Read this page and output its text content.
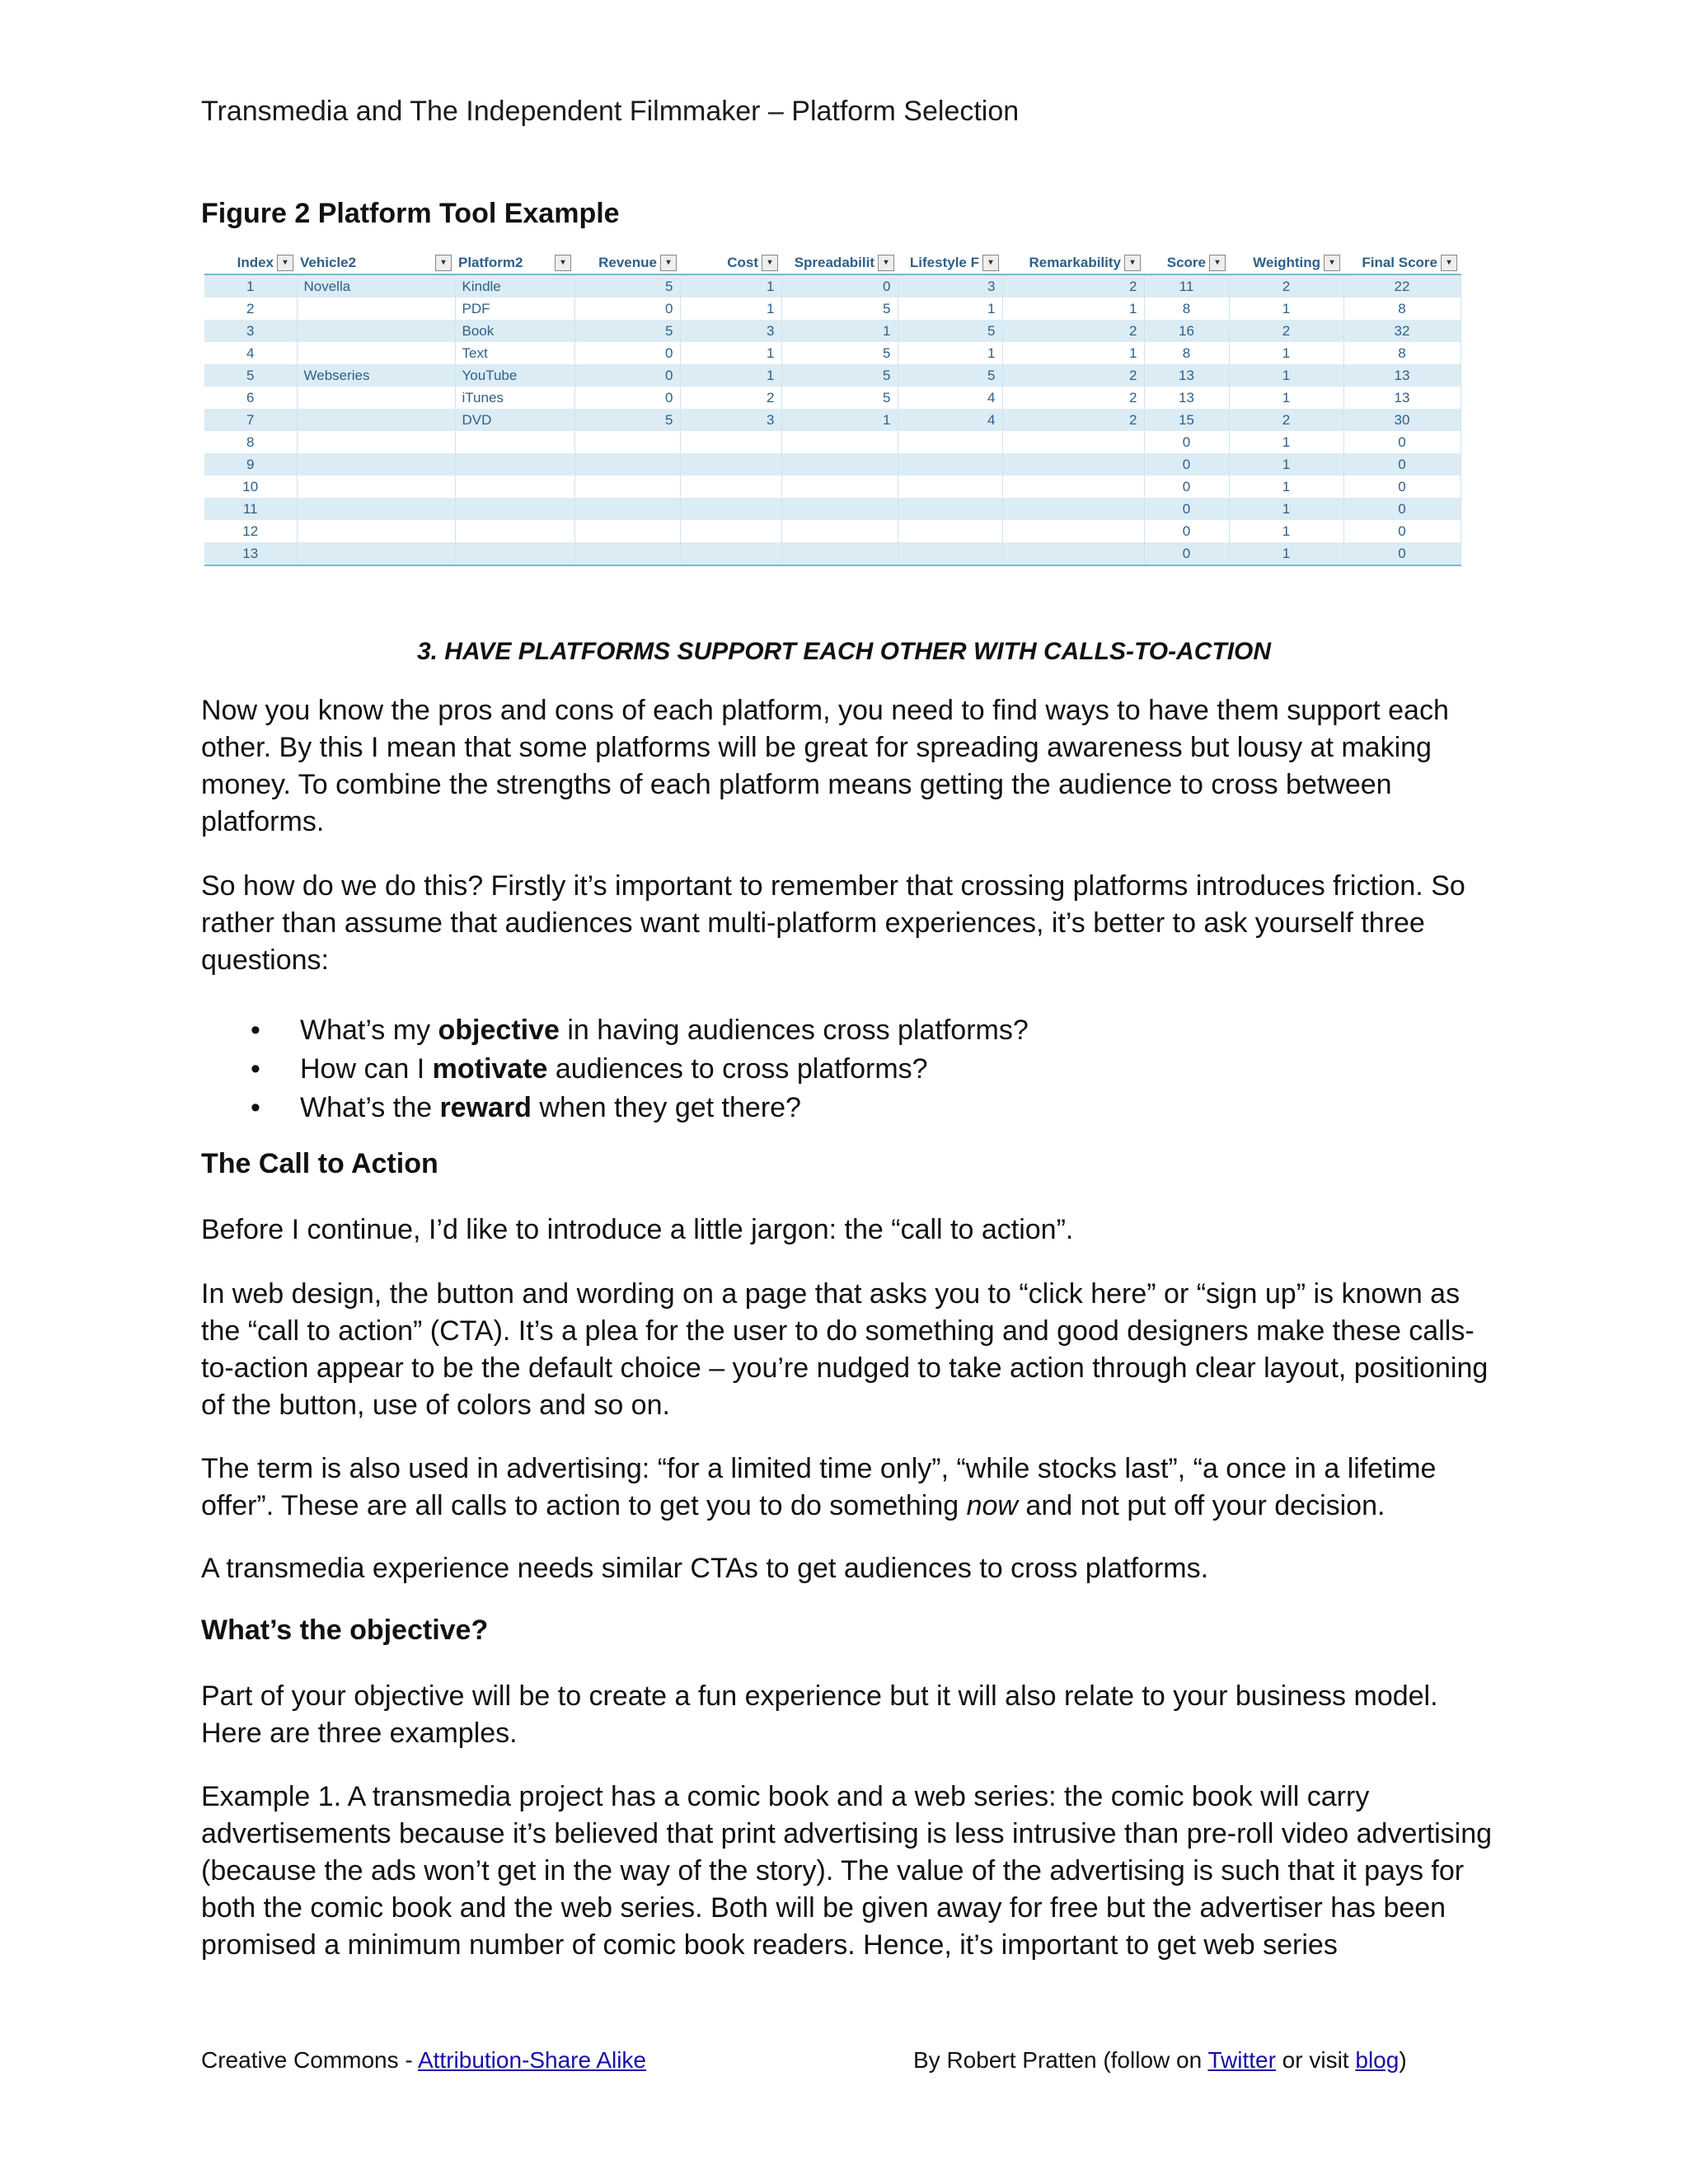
Transmedia and The Independent Filmmaker – Platform Selection
Figure 2 Platform Tool Example
Index ▾	Vehicle2 ▾	Platform2 ▾	Revenue ▾	Cost ▾	Spreadabilit ▾	Lifestyle F ▾	Remarkability ▾	Score ▾	Weighting ▾	Final Score ▾

1	Novella	Kindle	5	1	0	3	2	11	2	22
2		PDF	0	1	5	1	1	8	1	8
3		Book	5	3	1	5	2	16	2	32
4		Text	0	1	5	1	1	8	1	8
5	Webseries	YouTube	0	1	5	5	2	13	1	13
6		iTunes	0	2	5	4	2	13	1	13
7		DVD	5	3	1	4	2	15	2	30
8								0	1	0
9								0	1	0
10								0	1	0
11								0	1	0
12								0	1	0
13								0	1	0
3. HAVE PLATFORMS SUPPORT EACH OTHER WITH CALLS-TO-ACTION

Now you know the pros and cons of each platform, you need to find ways to have them support each other. By this I mean that some platforms will be great for spreading awareness but lousy at making money. To combine the strengths of each platform means getting the audience to cross between platforms.

So how do we do this? Firstly it’s important to remember that crossing platforms introduces friction. So rather than assume that audiences want multi-platform experiences, it’s better to ask yourself three questions:

• What’s my objective in having audiences cross platforms?
• How can I motivate audiences to cross platforms?
• What’s the reward when they get there?
The Call to Action

Before I continue, I’d like to introduce a little jargon: the “call to action”.

In web design, the button and wording on a page that asks you to “click here” or “sign up” is known as the “call to action” (CTA). It’s a plea for the user to do something and good designers make these calls-to-action appear to be the default choice – you’re nudged to take action through clear layout, positioning of the button, use of colors and so on.

The term is also used in advertising: “for a limited time only”, “while stocks last”, “a once in a lifetime offer”. These are all calls to action to get you to do something now and not put off your decision.

A transmedia experience needs similar CTAs to get audiences to cross platforms.

What’s the objective?

Part of your objective will be to create a fun experience but it will also relate to your business model. Here are three examples.

Example 1. A transmedia project has a comic book and a web series: the comic book will carry advertisements because it’s believed that print advertising is less intrusive than pre-roll video advertising (because the ads won’t get in the way of the story). The value of the advertising is such that it pays for both the comic book and the web series. Both will be given away for free but the advertiser has been promised a minimum number of comic book readers. Hence, it’s important to get web series

Creative Commons - Attribution-Share Alike	By Robert Pratten (follow on Twitter or visit blog)
